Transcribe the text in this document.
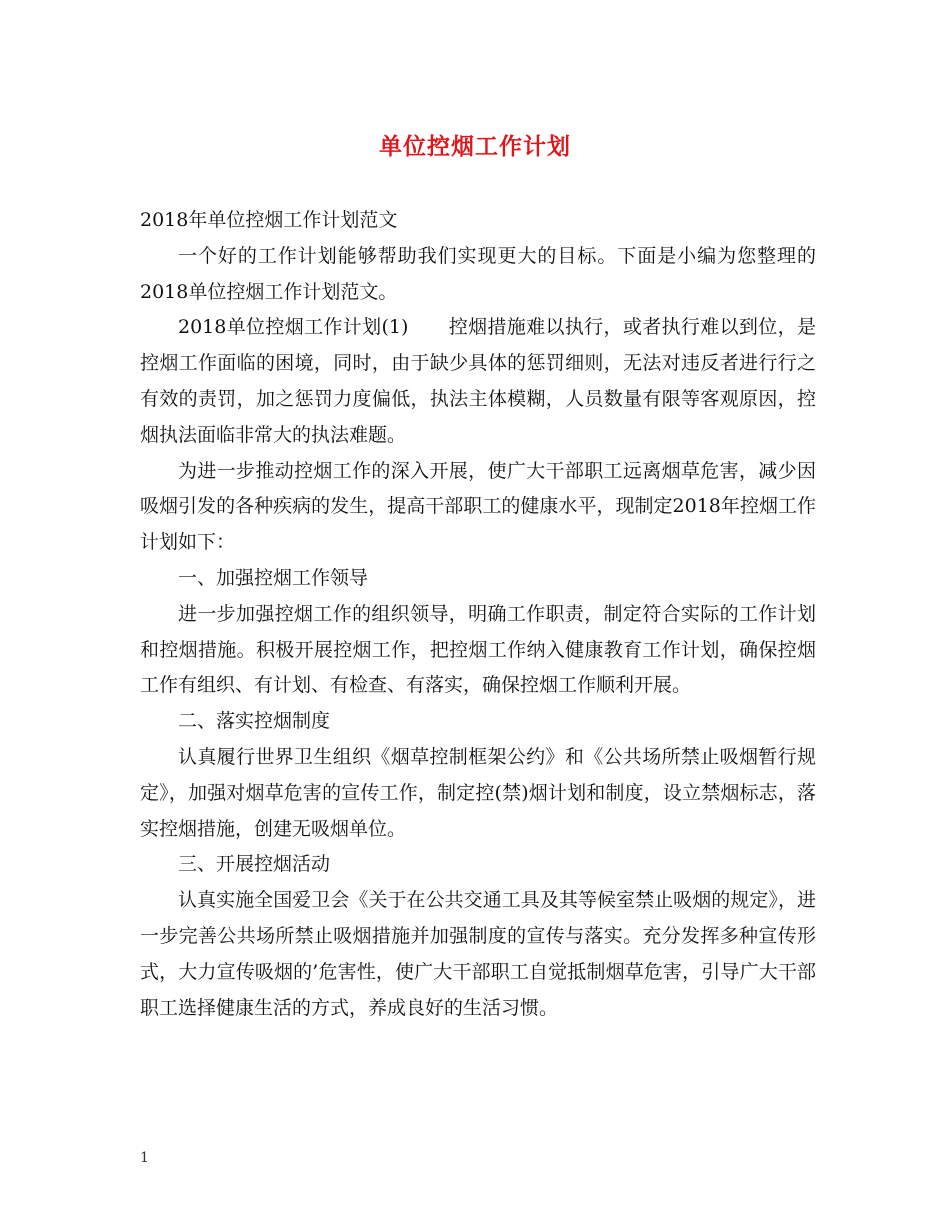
单位控烟工作计划

2018年单位控烟工作计划范文

一个好的工作计划能够帮助我们实现更大的目标。下面是小编为您整理的2018单位控烟工作计划范文。

2018单位控烟工作计划(1) 控烟措施难以执行，或者执行难以到位，是控烟工作面临的困境，同时，由于缺少具体的惩罚细则，无法对违反者进行行之有效的责罚，加之惩罚力度偏低，执法主体模糊，人员数量有限等客观原因，控烟执法面临非常大的执法难题。

为进一步推动控烟工作的深入开展，使广大干部职工远离烟草危害，减少因吸烟引发的各种疾病的发生，提高干部职工的健康水平，现制定2018年控烟工作计划如下：

一、加强控烟工作领导

进一步加强控烟工作的组织领导，明确工作职责，制定符合实际的工作计划和控烟措施。积极开展控烟工作，把控烟工作纳入健康教育工作计划，确保控烟工作有组织、有计划、有检查、有落实，确保控烟工作顺利开展。

二、落实控烟制度

认真履行世界卫生组织《烟草控制框架公约》和《公共场所禁止吸烟暂行规定》，加强对烟草危害的宣传工作，制定控(禁)烟计划和制度，设立禁烟标志，落实控烟措施，创建无吸烟单位。

三、开展控烟活动

认真实施全国爱卫会《关于在公共交通工具及其等候室禁止吸烟的规定》，进一步完善公共场所禁止吸烟措施并加强制度的宣传与落实。充分发挥多种宣传形式，大力宣传吸烟的’危害性，使广大干部职工自觉抵制烟草危害，引导广大干部职工选择健康生活的方式，养成良好的生活习惯。

1
